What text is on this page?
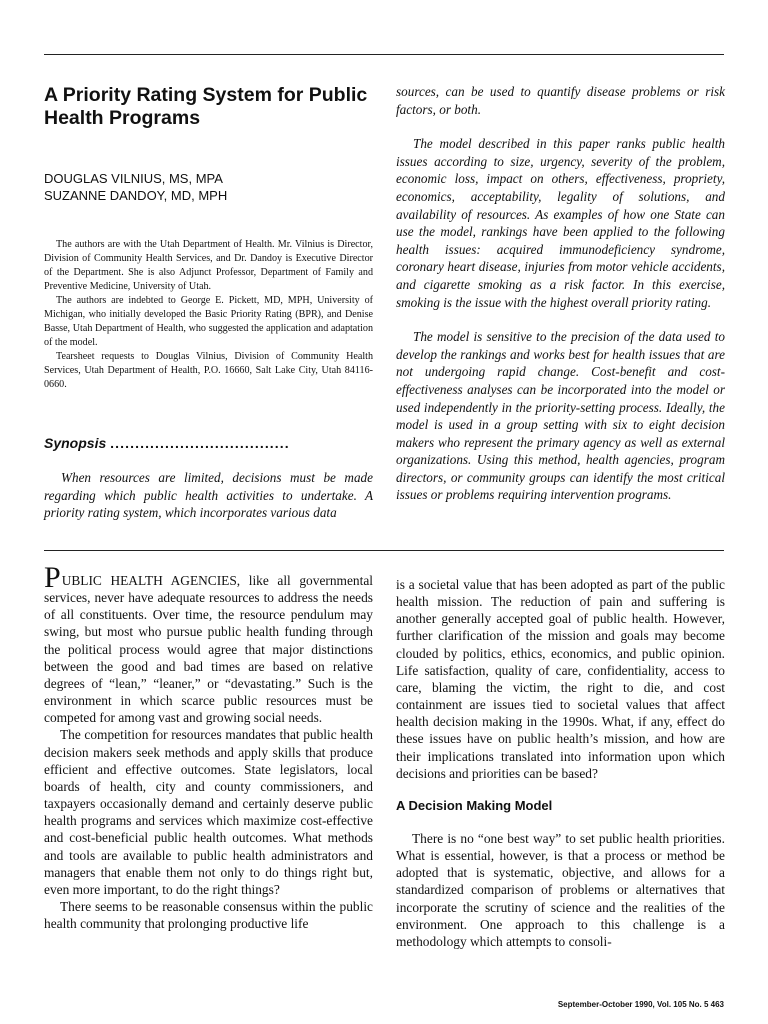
A Priority Rating System for Public Health Programs
DOUGLAS VILNIUS, MS, MPA
SUZANNE DANDOY, MD, MPH

The authors are with the Utah Department of Health. Mr. Vilnius is Director, Division of Community Health Services, and Dr. Dandoy is Executive Director of the Department. She is also Adjunct Professor, Department of Family and Preventive Medicine, University of Utah.

The authors are indebted to George E. Pickett, MD, MPH, University of Michigan, who initially developed the Basic Priority Rating (BPR), and Denise Basse, Utah Department of Health, who suggested the application and adaptation of the model.

Tearsheet requests to Douglas Vilnius, Division of Community Health Services, Utah Department of Health, P.O. 16660, Salt Lake City, Utah 84116-0660.

Synopsis ....................................

When resources are limited, decisions must be made regarding which public health activities to undertake. A priority rating system, which incorporates various data

sources, can be used to quantify disease problems or risk factors, or both.

The model described in this paper ranks public health issues according to size, urgency, severity of the problem, economic loss, impact on others, effectiveness, propriety, economics, acceptability, legality of solutions, and availability of resources. As examples of how one State can use the model, rankings have been applied to the following health issues: acquired immunodeficiency syndrome, coronary heart disease, injuries from motor vehicle accidents, and cigarette smoking as a risk factor. In this exercise, smoking is the issue with the highest overall priority rating.

The model is sensitive to the precision of the data used to develop the rankings and works best for health issues that are not undergoing rapid change. Cost-benefit and cost-effectiveness analyses can be incorporated into the model or used independently in the priority-setting process. Ideally, the model is used in a group setting with six to eight decision makers who represent the primary agency as well as external organizations. Using this method, health agencies, program directors, or community groups can identify the most critical issues or problems requiring intervention programs.

PUBLIC HEALTH AGENCIES, like all governmental services, never have adequate resources to address the needs of all constituents. Over time, the resource pendulum may swing, but most who pursue public health funding through the political process would agree that major distinctions between the good and bad times are based on relative degrees of “lean,” “leaner,” or “devastating.” Such is the environment in which scarce public resources must be competed for among vast and growing social needs.

The competition for resources mandates that public health decision makers seek methods and apply skills that produce efficient and effective outcomes. State legislators, local boards of health, city and county commissioners, and taxpayers occasionally demand and certainly deserve public health programs and services which maximize cost-effective and cost-beneficial public health outcomes. What methods and tools are available to public health administrators and managers that enable them not only to do things right but, even more important, to do the right things?

There seems to be reasonable consensus within the public health community that prolonging productive life

is a societal value that has been adopted as part of the public health mission. The reduction of pain and suffering is another generally accepted goal of public health. However, further clarification of the mission and goals may become clouded by politics, ethics, economics, and public opinion. Life satisfaction, quality of care, confidentiality, access to care, blaming the victim, the right to die, and cost containment are issues tied to societal values that affect health decision making in the 1990s. What, if any, effect do these issues have on public health’s mission, and how are their implications translated into information upon which decisions and priorities can be based?

A Decision Making Model

There is no “one best way” to set public health priorities. What is essential, however, is that a process or method be adopted that is systematic, objective, and allows for a standardized comparison of problems or alternatives that incorporate the scrutiny of science and the realities of the environment. One approach to this challenge is a methodology which attempts to consoli-

September-October 1990, Vol. 105 No. 5 463
